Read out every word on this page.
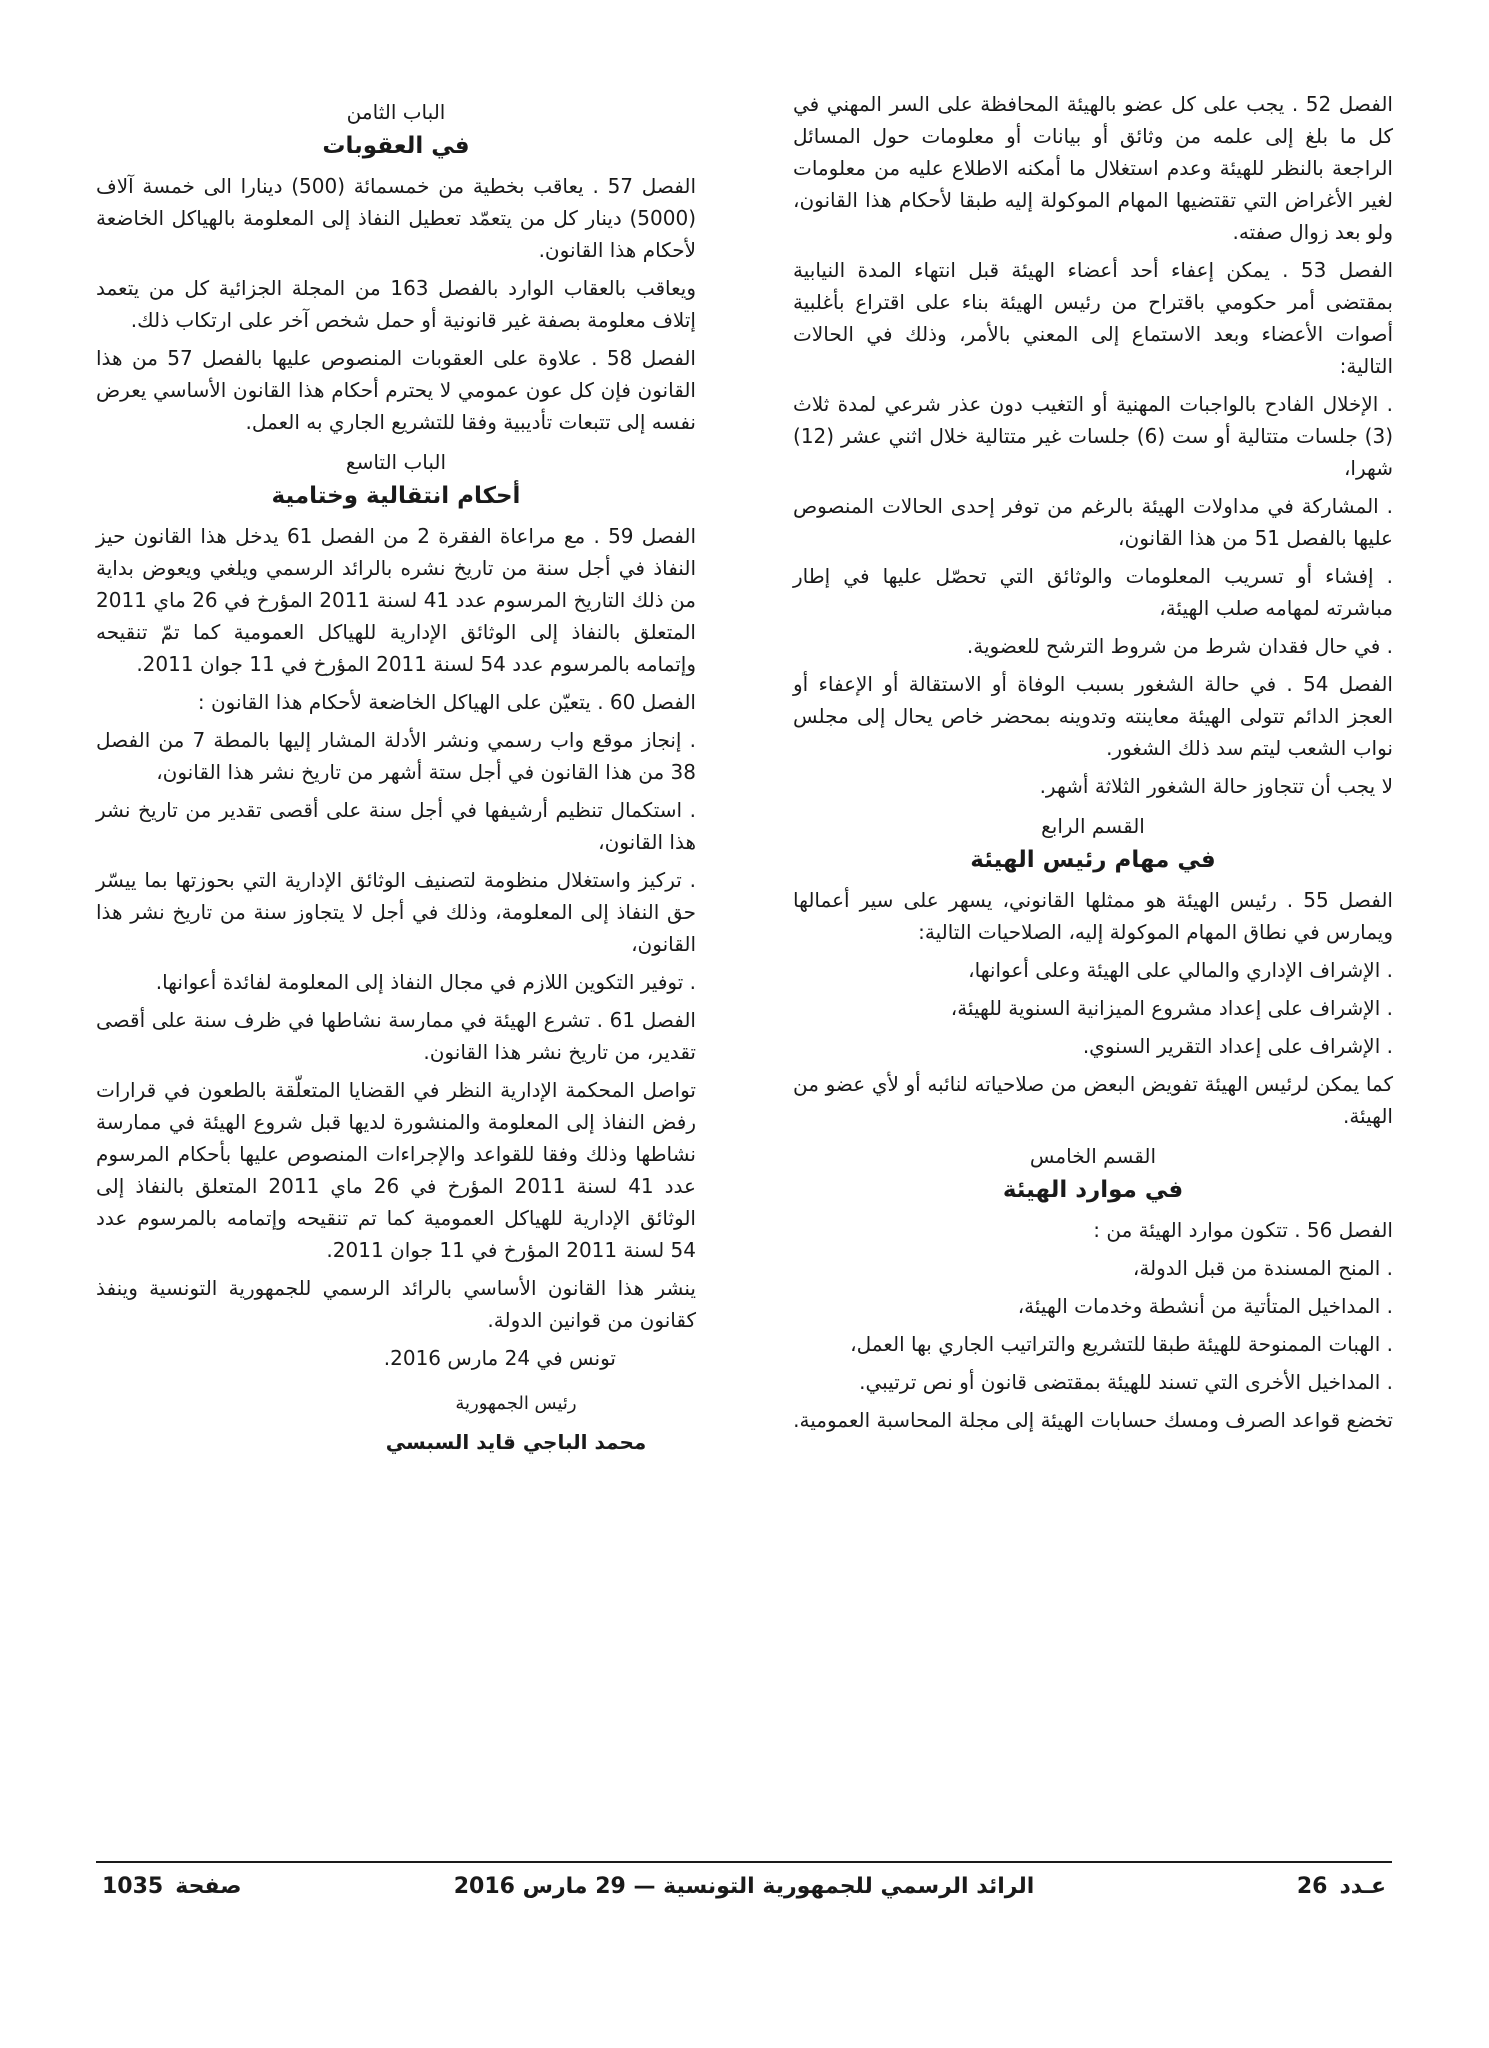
الفصل 52 . يجب على كل عضو بالهيئة المحافظة على السر المهني في كل ما بلغ إلى علمه من وثائق أو بيانات أو معلومات حول المسائل الراجعة بالنظر للهيئة وعدم استغلال ما أمكنه الاطلاع عليه من معلومات لغير الأغراض التي تقتضيها المهام الموكولة إليه طبقا لأحكام هذا القانون، ولو بعد زوال صفته.

الفصل 53 . يمكن إعفاء أحد أعضاء الهيئة قبل انتهاء المدة النيابية بمقتضى أمر حكومي باقتراح من رئيس الهيئة بناء على اقتراع بأغلبية أصوات الأعضاء وبعد الاستماع إلى المعني بالأمر، وذلك في الحالات التالية:

. الإخلال الفادح بالواجبات المهنية أو التغيب دون عذر شرعي لمدة ثلاث (3) جلسات متتالية أو ست (6) جلسات غير متتالية خلال اثني عشر (12) شهرا،

. المشاركة في مداولات الهيئة بالرغم من توفر إحدى الحالات المنصوص عليها بالفصل 51 من هذا القانون،

. إفشاء أو تسريب المعلومات والوثائق التي تحصّل عليها في إطار مباشرته لمهامه صلب الهيئة،

. في حال فقدان شرط من شروط الترشح للعضوية.

الفصل 54 . في حالة الشغور بسبب الوفاة أو الاستقالة أو الإعفاء أو العجز الدائم تتولى الهيئة معاينته وتدوينه بمحضر خاص يحال إلى مجلس نواب الشعب ليتم سد ذلك الشغور.

لا يجب أن تتجاوز حالة الشغور الثلاثة أشهر.

القسم الرابع
في مهام رئيس الهيئة

الفصل 55 . رئيس الهيئة هو ممثلها القانوني، يسهر على سير أعمالها ويمارس في نطاق المهام الموكولة إليه، الصلاحيات التالية:

. الإشراف الإداري والمالي على الهيئة وعلى أعوانها،

. الإشراف على إعداد مشروع الميزانية السنوية للهيئة،

. الإشراف على إعداد التقرير السنوي.

كما يمكن لرئيس الهيئة تفويض البعض من صلاحياته لنائبه أو لأي عضو من الهيئة.

القسم الخامس
في موارد الهيئة

الفصل 56 . تتكون موارد الهيئة من :

. المنح المسندة من قبل الدولة،

. المداخيل المتأتية من أنشطة وخدمات الهيئة،

. الهبات الممنوحة للهيئة طبقا للتشريع والتراتيب الجاري بها العمل،

. المداخيل الأخرى التي تسند للهيئة بمقتضى قانون أو نص ترتيبي.

تخضع قواعد الصرف ومسك حسابات الهيئة إلى مجلة المحاسبة العمومية.

الباب الثامن
في العقوبات

الفصل 57 . يعاقب بخطية من خمسمائة (500) دينارا الى خمسة آلاف (5000) دينار كل من يتعمّد تعطيل النفاذ إلى المعلومة بالهياكل الخاضعة لأحكام هذا القانون.

ويعاقب بالعقاب الوارد بالفصل 163 من المجلة الجزائية كل من يتعمد إتلاف معلومة بصفة غير قانونية أو حمل شخص آخر على ارتكاب ذلك.

الفصل 58 . علاوة على العقوبات المنصوص عليها بالفصل 57 من هذا القانون فإن كل عون عمومي لا يحترم أحكام هذا القانون الأساسي يعرض نفسه إلى تتبعات تأديبية وفقا للتشريع الجاري به العمل.

الباب التاسع
أحكام انتقالية وختامية

الفصل 59 . مع مراعاة الفقرة 2 من الفصل 61 يدخل هذا القانون حيز النفاذ في أجل سنة من تاريخ نشره بالرائد الرسمي ويلغي ويعوض بداية من ذلك التاريخ المرسوم عدد 41 لسنة 2011 المؤرخ في 26 ماي 2011 المتعلق بالنفاذ إلى الوثائق الإدارية للهياكل العمومية كما تمّ تنقيحه وإتمامه بالمرسوم عدد 54 لسنة 2011 المؤرخ في 11 جوان 2011.

الفصل 60 . يتعيّن على الهياكل الخاضعة لأحكام هذا القانون :

. إنجاز موقع واب رسمي ونشر الأدلة المشار إليها بالمطة 7 من الفصل 38 من هذا القانون في أجل ستة أشهر من تاريخ نشر هذا القانون،

. استكمال تنظيم أرشيفها في أجل سنة على أقصى تقدير من تاريخ نشر هذا القانون،

. تركيز واستغلال منظومة لتصنيف الوثائق الإدارية التي بحوزتها بما ييسّر حق النفاذ إلى المعلومة، وذلك في أجل لا يتجاوز سنة من تاريخ نشر هذا القانون،

. توفير التكوين اللازم في مجال النفاذ إلى المعلومة لفائدة أعوانها.

الفصل 61 . تشرع الهيئة في ممارسة نشاطها في ظرف سنة على أقصى تقدير، من تاريخ نشر هذا القانون.

تواصل المحكمة الإدارية النظر في القضايا المتعلّقة بالطعون في قرارات رفض النفاذ إلى المعلومة والمنشورة لديها قبل شروع الهيئة في ممارسة نشاطها وذلك وفقا للقواعد والإجراءات المنصوص عليها بأحكام المرسوم عدد 41 لسنة 2011 المؤرخ في 26 ماي 2011 المتعلق بالنفاذ إلى الوثائق الإدارية للهياكل العمومية كما تم تنقيحه وإتمامه بالمرسوم عدد 54 لسنة 2011 المؤرخ في 11 جوان 2011.

ينشر هذا القانون الأساسي بالرائد الرسمي للجمهورية التونسية وينفذ كقانون من قوانين الدولة.

تونس في 24 مارس 2016.

رئيس الجمهورية
محمد الباجي قايد السبسي
عـدد26
الرائد الرسمي للجمهورية التونسية — 29 مارس 2016
صفحة1035
